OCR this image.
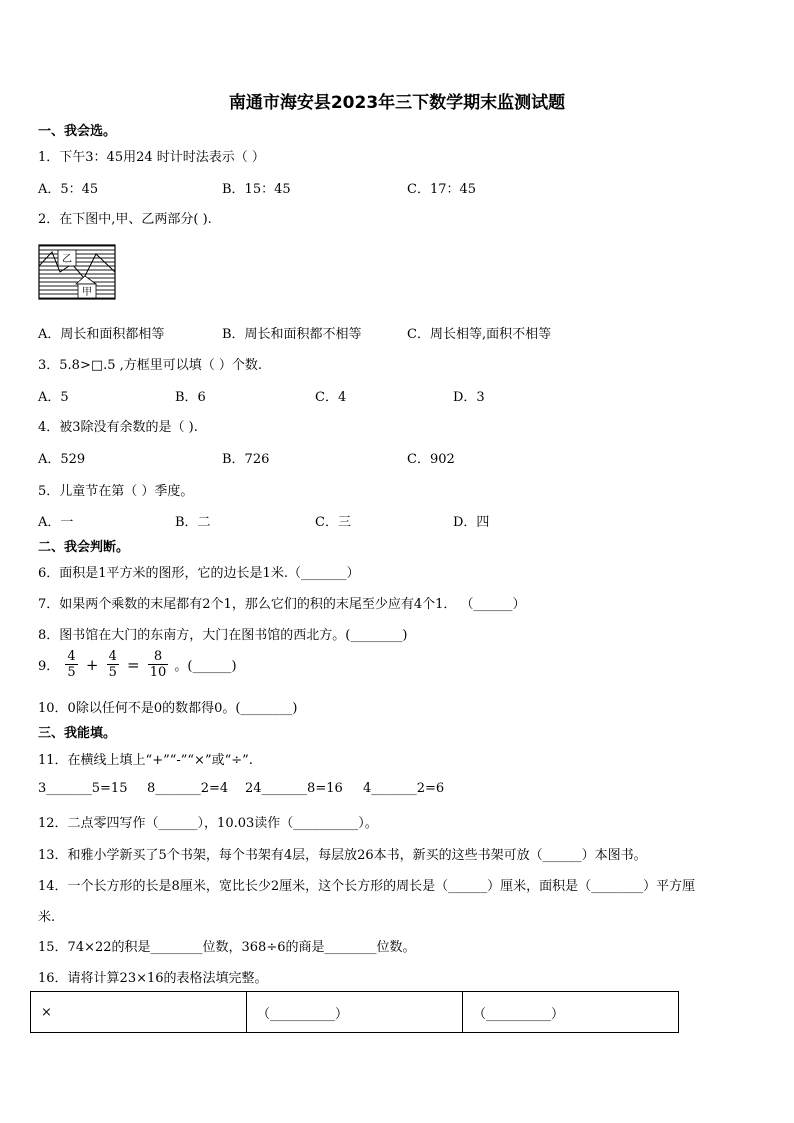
南通市海安县2023年三下数学期末监测试题
一、我会选。
1．下午3：45用24 时计时法表示（ ）
A．5：45	B．15：45	C．17：45
2．在下图中,甲、乙两部分( ).
乙
甲
A．周长和面积都相等	B．周长和面积都不相等	C．周长相等,面积不相等
3．5.8>□.5 ,方框里可以填（ ）个数.
A．5	B．6	C．4	D．3
4．被3除没有余数的是（ ).
A．529	B．726	C．902
5．儿童节在第（ ）季度。
A．一	B．二	C．三	D．四
二、我会判断。
6．面积是1平方米的图形，它的边长是1米.（_______）
7．如果两个乘数的末尾都有2个1，那么它们的积的末尾至少应有4个1． （______）
8．图书馆在大门的东南方，大门在图书馆的西北方。(________)
9． $\frac{4}{5} + \frac{4}{5} = \frac{8}{10}$ 。(______)
10．0除以任何不是0的数都得0。(________)
三、我能填。
11．在横线上填上“+”“-”“×”或“÷”.
3_______5=15 8_______2=4 24_______8=16 4_______2=6
12．二点零四写作（______），10.03读作（__________）。
13．和雅小学新买了5个书架，每个书架有4层，每层放26本书，新买的这些书架可放（______）本图书。
14．一个长方形的长是8厘米，宽比长少2厘米，这个长方形的周长是（______）厘米，面积是（________）平方厘
米.
15．74×22的积是________位数，368÷6的商是________位数。
16．请将计算23×16的表格法填完整。
×	（__________）	（__________）
